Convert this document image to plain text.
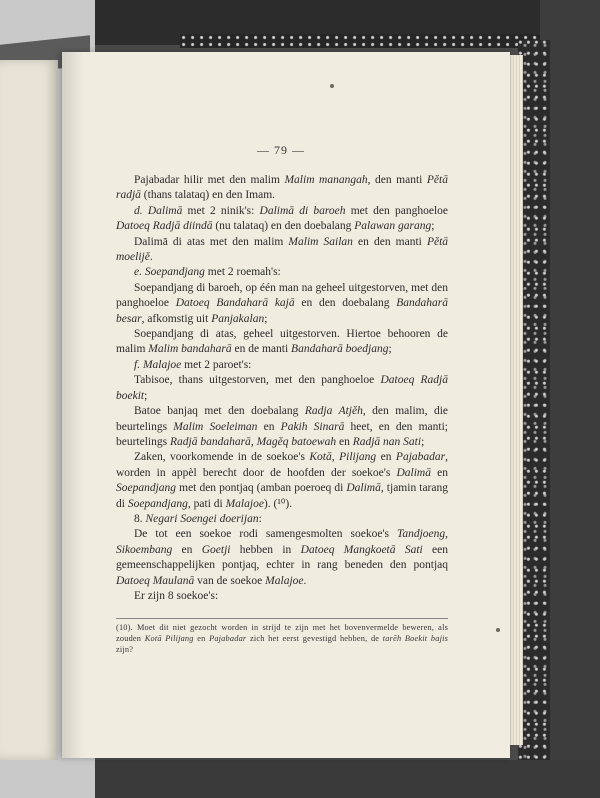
— 79 —

Pajabadar hilir met den malim Malim manangah, den manti Pĕtā radjā (thans talataq) en den Imam.

d. Dalimā met 2 ninik's: Dalimā di baroeh met den panghoeloe Datoeq Radjā diindā (nu talataq) en den doebalang Palawan garang;

Dalimā di atas met den malim Malim Sailan en den manti Pĕtā moelijĕ.

e. Soepandjang met 2 roemah's:

Soepandjang di baroeh, op één man na geheel uitgestorven, met den panghoeloe Datoeq Bandaharā kajā en den doebalang Bandaharā besar, afkomstig uit Panjakalan;

Soepandjang di atas, geheel uitgestorven. Hiertoe behooren de malim Malim bandaharā en de manti Bandaharā boedjang;

f. Malajoe met 2 paroet's:

Tabisoe, thans uitgestorven, met den panghoeloe Datoeq Radjā boekit;

Batoe banjaq met den doebalang Radja Atjĕh, den malim, die beurtelings Malim Soeleiman en Pakih Sinarā heet, en den manti; beurtelings Radjā bandaharā, Magĕq batoewah en Radjā nan Sati;

Zaken, voorkomende in de soekoe's Kotā, Pilijang en Pajabadar, worden in appèl berecht door de hoofden der soekoe's Dalimā en Soepandjang met den pontjaq (amban poeroeq di Dalimā, tjamin tarang di Soepandjang, pati di Malajoe). (¹⁰).

8. Negari Soengei doerijan:

De tot een soekoe rodi samengesmolten soekoe's Tandjoeng, Sikoembang en Goetji hebben in Datoeq Mangkoetā Sati een gemeenschappelijken pontjaq, echter in rang beneden den pontjaq Datoeq Maulanā van de soekoe Malajoe.

Er zijn 8 soekoe's:

(10). Moet dit niet gezocht worden in strijd te zijn met het bovenvermelde beweren, als zouden Kotā Pilijang en Pajabadar zich het eerst gevestigd hebben, de tarĕh Boekit bajis zijn?
